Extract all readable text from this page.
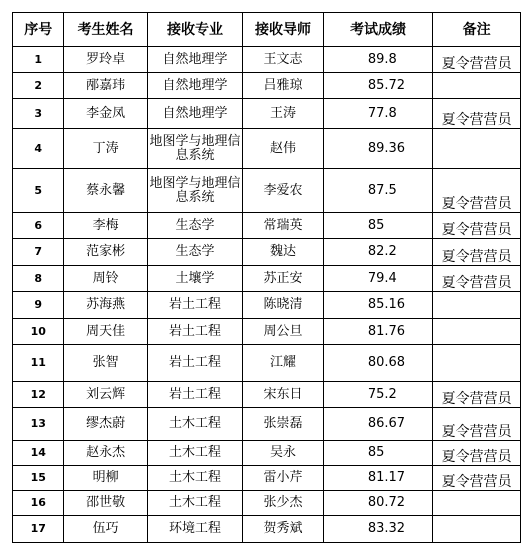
序号	考生姓名	接收专业	接收导师	考试成绩	备注
1	罗玲卓	自然地理学	王文志	89.8	夏令营营员
2	邴嘉玮	自然地理学	吕雅琼	85.72	
3	李金凤	自然地理学	王涛	77.8	夏令营营员
4	丁涛	地图学与地理信息系统	赵伟	89.36	
5	蔡永馨	地图学与地理信息系统	李爱农	87.5	夏令营营员
6	李梅	生态学	常瑞英	85	夏令营营员
7	范家彬	生态学	魏达	82.2	夏令营营员
8	周铃	土壤学	苏正安	79.4	夏令营营员
9	苏海燕	岩土工程	陈晓清	85.16	
10	周天佳	岩土工程	周公旦	81.76	
11	张智	岩土工程	江耀	80.68	
12	刘云辉	岩土工程	宋东日	75.2	夏令营营员
13	缪杰蔚	土木工程	张崇磊	86.67	夏令营营员
14	赵永杰	土木工程	吴永	85	夏令营营员
15	明柳	土木工程	雷小芹	81.17	夏令营营员
16	邵世敬	土木工程	张少杰	80.72	
17	伍巧	环境工程	贺秀斌	83.32	
